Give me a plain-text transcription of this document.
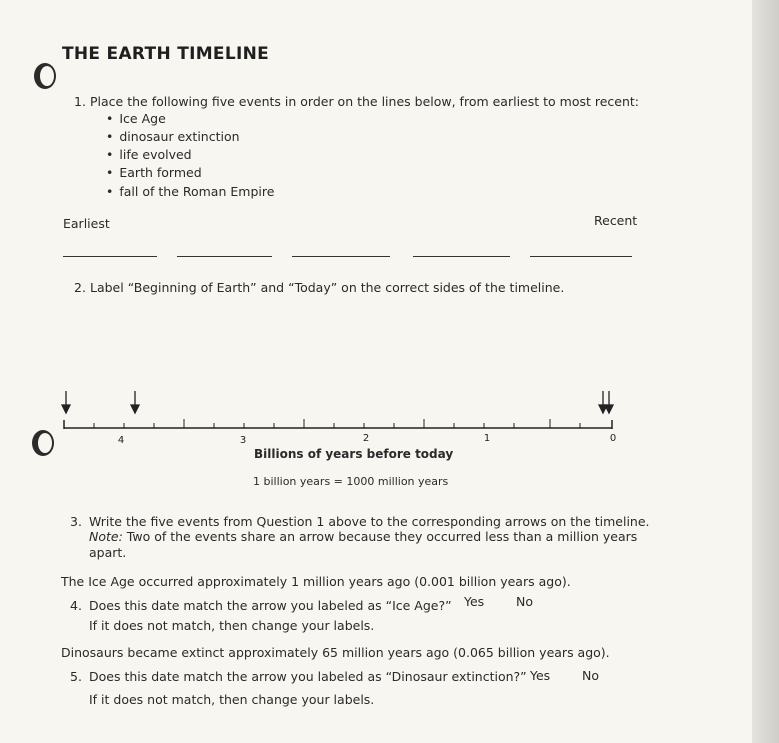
THE EARTH TIMELINE
1. Place the following five events in order on the lines below, from earliest to most recent:
• Ice Age
• dinosaur extinction
• life evolved
• Earth formed
• fall of the Roman Empire
Earliest	Recent
2. Label “Beginning of Earth” and “Today” on the correct sides of the timeline.
4	3	2	1	0
Billions of years before today
1 billion years = 1000 million years
3. Write the five events from Question 1 above to the corresponding arrows on the timeline.
Note: Two of the events share an arrow because they occurred less than a million years
apart.
The Ice Age occurred approximately 1 million years ago (0.001 billion years ago).
4. Does this date match the arrow you labeled as “Ice Age?” Yes	No
If it does not match, then change your labels.
Dinosaurs became extinct approximately 65 million years ago (0.065 billion years ago).
5. Does this date match the arrow you labeled as “Dinosaur extinction?” Yes	No
If it does not match, then change your labels.
